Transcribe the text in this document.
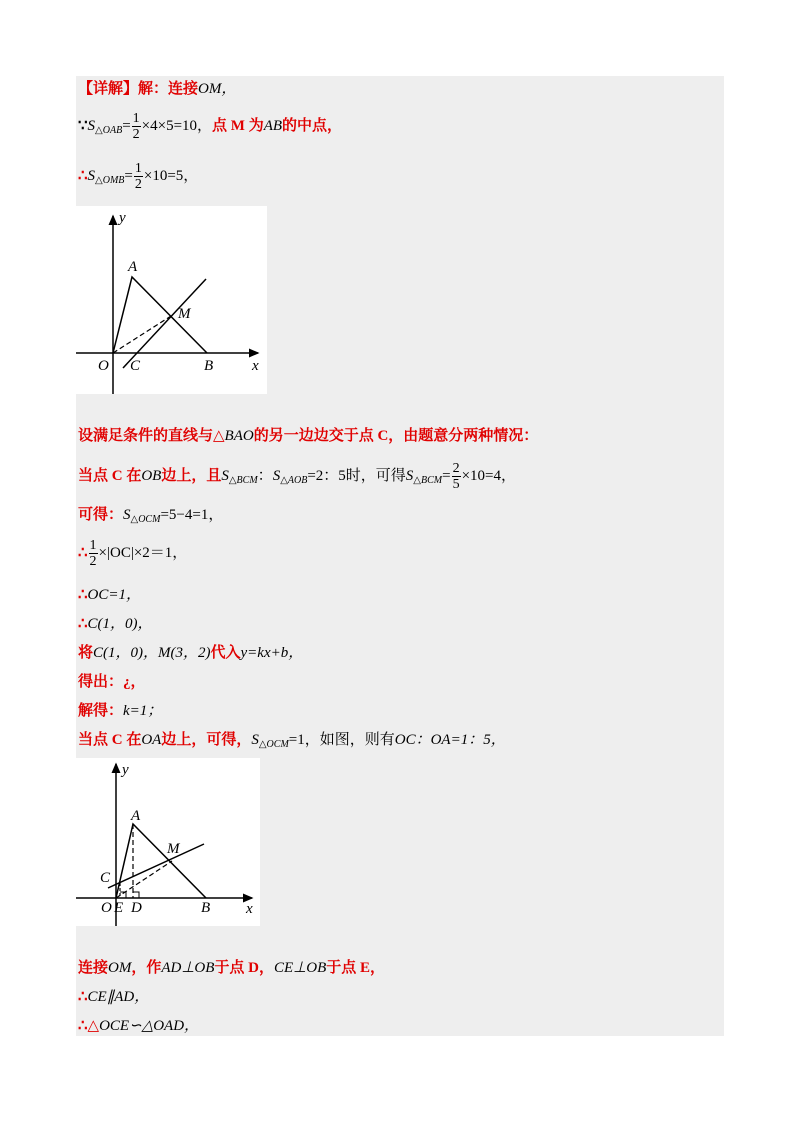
【详解】解：连接OM，
$\because S_{\triangle OAB}= \frac{1}{2} \times 4\times 5=10$，点 M 为AB的中点，
$\therefore S_{\triangle OMB}= \frac{1}{2} \times 10=5$，
y
x
O
A
M
C	B
设满足条件的直线与△BAO的另一边边交于点 C，由题意分两种情况：
当点 C 在OB边上，且$S_{\triangle BCM}$：$S_{\triangle AOB}=2$：5时，可得$S_{\triangle BCM}= \frac{2}{5} \times 10=4$，
可得：$S_{\triangle OCM}=5-4=1$，
∴ $\frac{1}{2} \times|OC|\times 2=1$，
∴OC=1，
∴C(1，0)，
将C(1，0)，M(3，2)代入y=kx+b，
得出：¿，
解得：k=1；
当点 C 在OA边上，可得，$S_{\triangle OCM}=1$，如图，则有OC：OA=1：5，
y
x
O
A
M
C
E D	B
连接OM，作AD⊥OB于点 D，CE⊥OB于点 E，
∴CE∥AD，
∴△OCE∽△OAD，
